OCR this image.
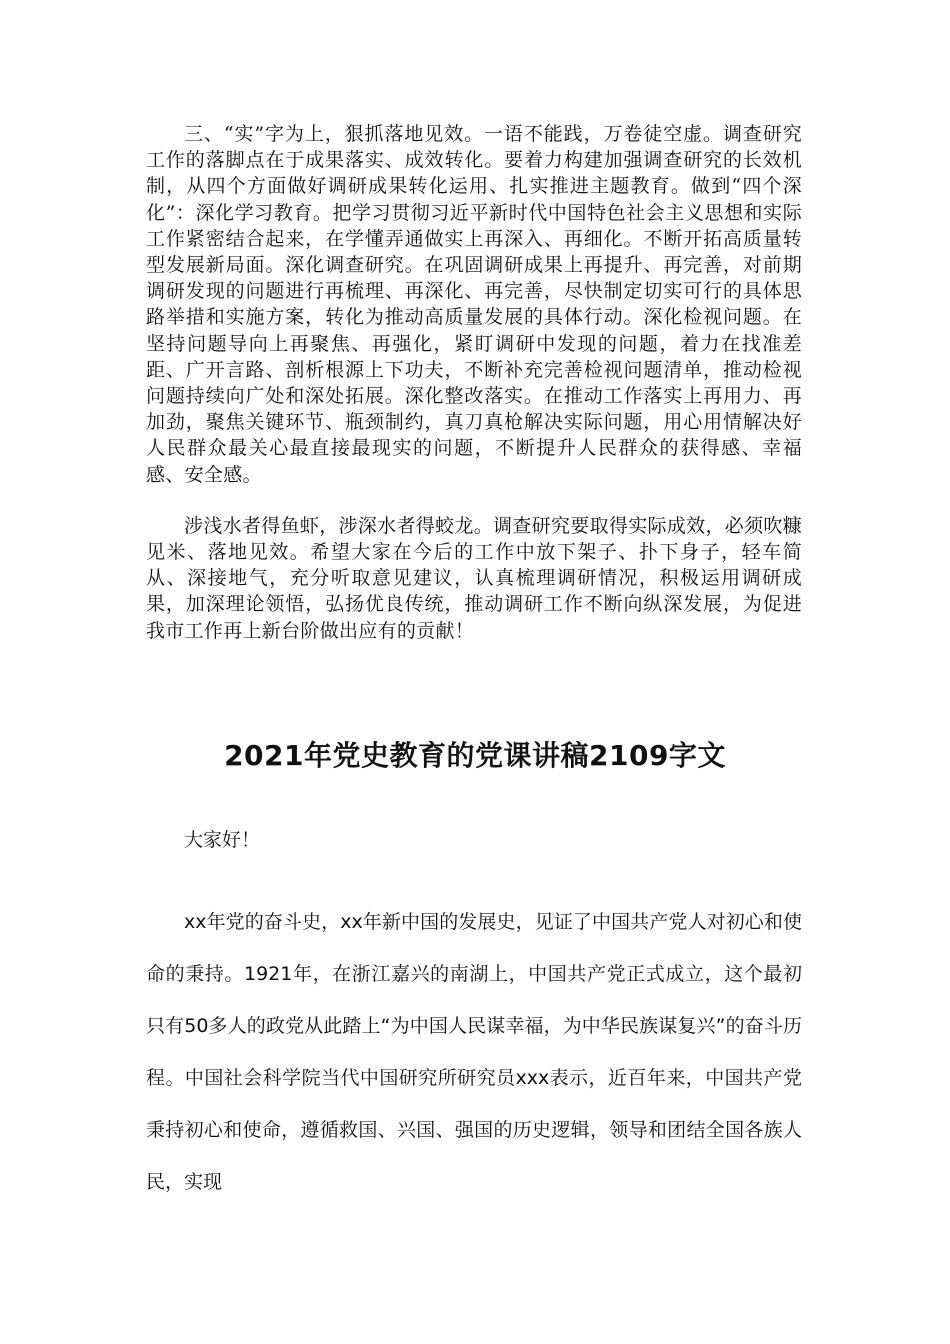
三、“实”字为上，狠抓落地见效。一语不能践，万卷徒空虚。调查研究工作的落脚点在于成果落实、成效转化。要着力构建加强调查研究的长效机制，从四个方面做好调研成果转化运用、扎实推进主题教育。做到“四个深化”：深化学习教育。把学习贯彻习近平新时代中国特色社会主义思想和实际工作紧密结合起来，在学懂弄通做实上再深入、再细化。不断开拓高质量转型发展新局面。深化调查研究。在巩固调研成果上再提升、再完善，对前期调研发现的问题进行再梳理、再深化、再完善，尽快制定切实可行的具体思路举措和实施方案，转化为推动高质量发展的具体行动。深化检视问题。在坚持问题导向上再聚焦、再强化，紧盯调研中发现的问题，着力在找准差距、广开言路、剖析根源上下功夫，不断补充完善检视问题清单，推动检视问题持续向广处和深处拓展。深化整改落实。在推动工作落实上再用力、再加劲，聚焦关键环节、瓶颈制约，真刀真枪解决实际问题，用心用情解决好人民群众最关心最直接最现实的问题，不断提升人民群众的获得感、幸福感、安全感。

涉浅水者得鱼虾，涉深水者得蛟龙。调查研究要取得实际成效，必须吹糠见米、落地见效。希望大家在今后的工作中放下架子、扑下身子，轻车简从、深接地气，充分听取意见建议，认真梳理调研情况，积极运用调研成果，加深理论领悟，弘扬优良传统，推动调研工作不断向纵深发展，为促进我市工作再上新台阶做出应有的贡献！

2021年党史教育的党课讲稿2109字文

大家好！

xx年党的奋斗史，xx年新中国的发展史，见证了中国共产党人对初心和使命的秉持。1921年，在浙江嘉兴的南湖上，中国共产党正式成立，这个最初只有50多人的政党从此踏上“为中国人民谋幸福，为中华民族谋复兴”的奋斗历程。中国社会科学院当代中国研究所研究员xxx表示，近百年来，中国共产党秉持初心和使命，遵循救国、兴国、强国的历史逻辑，领导和团结全国各族人民，实现
